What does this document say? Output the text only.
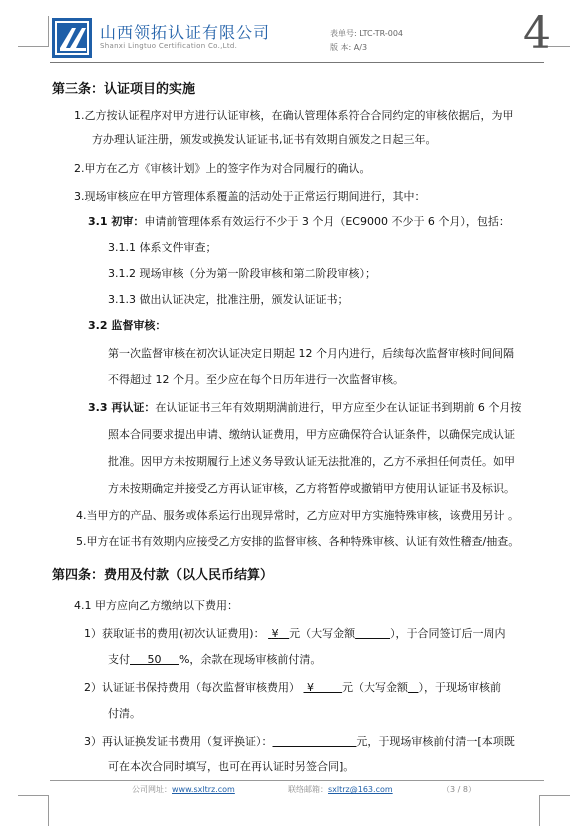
山西领拓认证有限公司
Shanxi Lingtuo Certification Co.,Ltd.
表单号: LTC-TR-004
版 本: A/3	4
第三条：认证项目的实施
1.乙方按认证程序对甲方进行认证审核，在确认管理体系符合合同约定的审核依据后，为甲
方办理认证注册，颁发或换发认证证书,证书有效期自颁发之日起三年。
2.甲方在乙方《审核计划》上的签字作为对合同履行的确认。
3.现场审核应在甲方管理体系覆盖的活动处于正常运行期间进行，其中：
3.1 初审：申请前管理体系有效运行不少于 3 个月（EC9000 不少于 6 个月），包括：
3.1.1 体系文件审查；
3.1.2 现场审核（分为第一阶段审核和第二阶段审核）；
3.1.3 做出认证决定，批准注册，颁发认证证书；
3.2 监督审核：
第一次监督审核在初次认证决定日期起 12 个月内进行，后续每次监督审核时间间隔
不得超过 12 个月。至少应在每个日历年进行一次监督审核。
3.3 再认证：在认证证书三年有效期期满前进行，甲方应至少在认证证书到期前 6 个月按
照本合同要求提出申请、缴纳认证费用，甲方应确保符合认证条件，以确保完成认证
批准。因甲方未按期履行上述义务导致认证无法批准的，乙方不承担任何责任。如甲
方未按期确定并接受乙方再认证审核，乙方将暂停或撤销甲方使用认证证书及标识。
4.当甲方的产品、服务或体系运行出现异常时，乙方应对甲方实施特殊审核，该费用另计 。
5.甲方在证书有效期内应接受乙方安排的监督审核、各种特殊审核、认证有效性稽查/抽查。
第四条：费用及付款（以人民币结算）
4.1 甲方应向乙方缴纳以下费用：
1）获取证书的费用(初次认证费用)： ¥ 元（大写金额	），于合同签订后一周内
支付 50 %，余款在现场审核前付清。
2）认证证书保持费用（每次监督审核费用） ¥	元（大写金额 ），于现场审核前
付清。
3）再认证换发证书费用（复评换证）：	元，于现场审核前付清一[本项既
可在本次合同时填写，也可在再认证时另签合同]。
公司网址：www.sxltrz.com	联络邮箱：sxltrz@163.com	（3 / 8）
